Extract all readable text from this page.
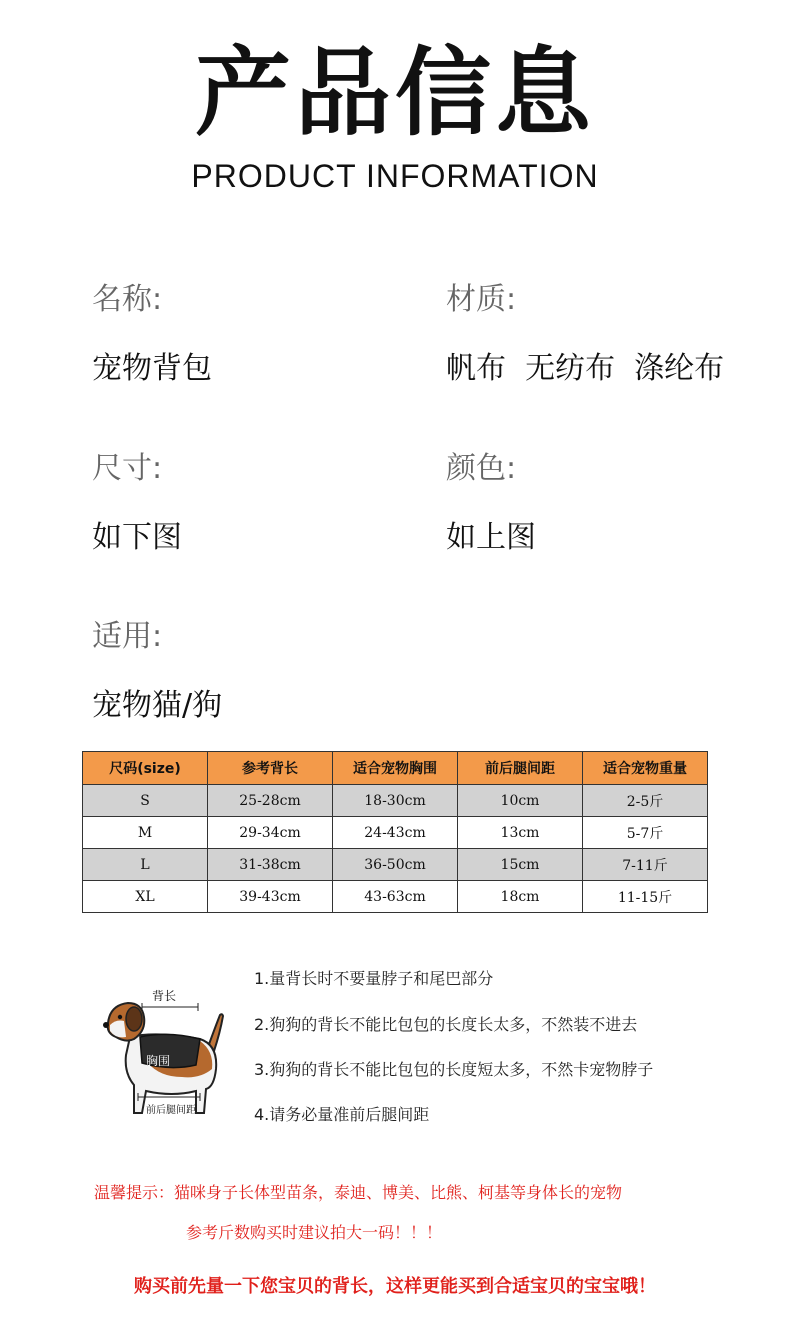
产品信息
PRODUCT INFORMATION
名称:
宠物背包
材质:
帆布  无纺布  涤纶布
尺寸:
如下图
颜色:
如上图
适用:
宠物猫/狗
尺码(size)	参考背长	适合宠物胸围	前后腿间距	适合宠物重量
S	25-28cm	18-30cm	10cm	2-5斤
M	29-34cm	24-43cm	13cm	5-7斤
L	31-38cm	36-50cm	15cm	7-11斤
XL	39-43cm	43-63cm	18cm	11-15斤
背长
胸围
前后腿间距
1.量背长时不要量脖子和尾巴部分
2.狗狗的背长不能比包包的长度长太多，不然装不进去
3.狗狗的背长不能比包包的长度短太多，不然卡宠物脖子
4.请务必量准前后腿间距
温馨提示：猫咪身子长体型苗条，泰迪、博美、比熊、柯基等身体长的宠物
参考斤数购买时建议拍大一码！！！
购买前先量一下您宝贝的背长，这样更能买到合适宝贝的宝宝哦！
